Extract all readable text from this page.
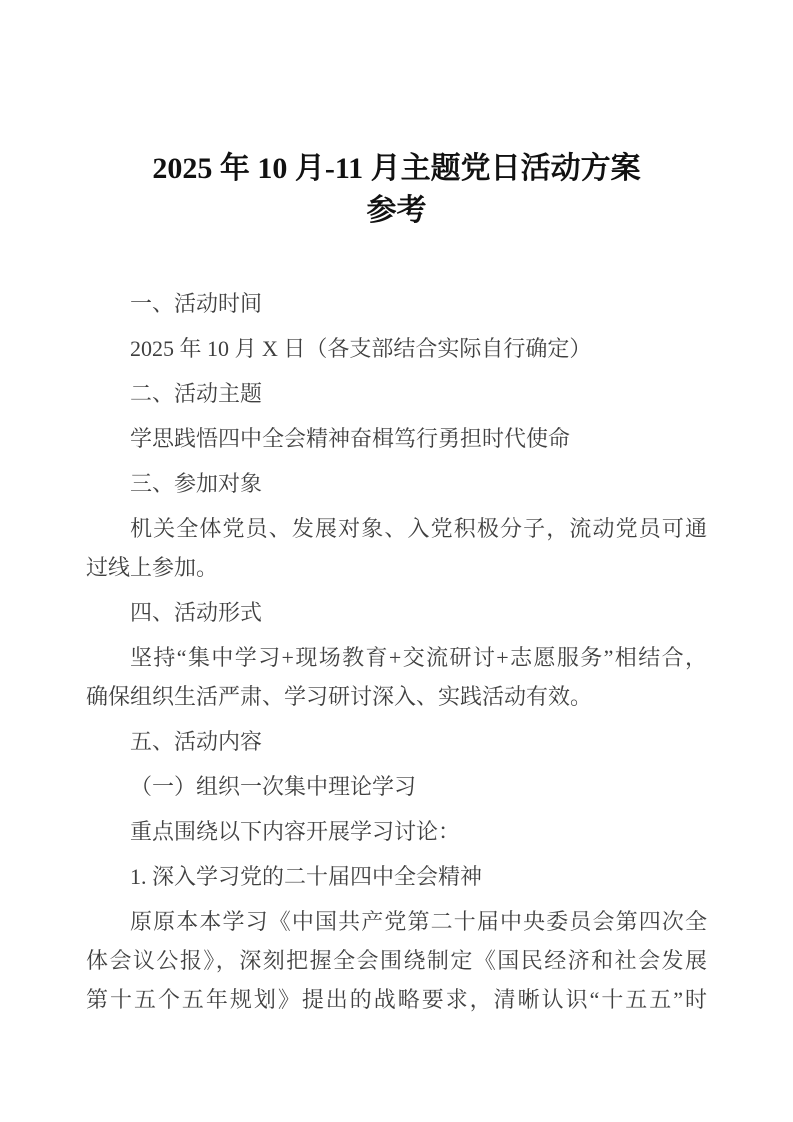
2025 年 10 月-11 月主题党日活动方案
参考
一、活动时间
2025 年 10 月 X 日（各支部结合实际自行确定）
二、活动主题
学思践悟四中全会精神奋楫笃行勇担时代使命
三、参加对象
机关全体党员、发展对象、入党积极分子，流动党员可通
过线上参加。
四、活动形式
坚持“集中学习+现场教育+交流研讨+志愿服务”相结合，
确保组织生活严肃、学习研讨深入、实践活动有效。
五、活动内容
（一）组织一次集中理论学习
重点围绕以下内容开展学习讨论：
1. 深入学习党的二十届四中全会精神
原原本本学习《中国共产党第二十届中央委员会第四次全
体会议公报》，深刻把握全会围绕制定《国民经济和社会发展
第十五个五年规划》提出的战略要求，清晰认识“十五五”时
